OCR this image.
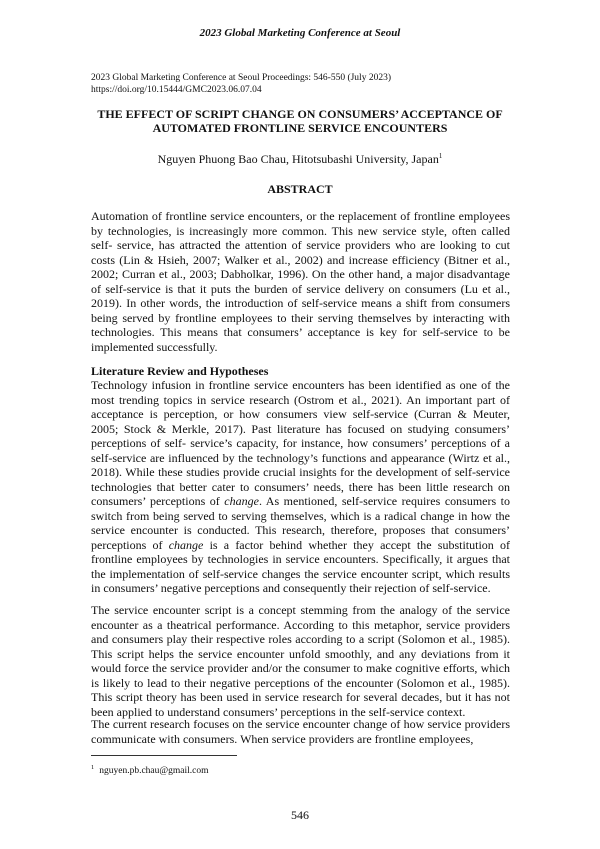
2023 Global Marketing Conference at Seoul
2023 Global Marketing Conference at Seoul Proceedings: 546-550 (July 2023)
https://doi.org/10.15444/GMC2023.06.07.04
THE EFFECT OF SCRIPT CHANGE ON CONSUMERS’ ACCEPTANCE OF AUTOMATED FRONTLINE SERVICE ENCOUNTERS
Nguyen Phuong Bao Chau, Hitotsubashi University, Japan$^1$
ABSTRACT

Automation of frontline service encounters, or the replacement of frontline employees by technologies, is increasingly more common. This new service style, often called self- service, has attracted the attention of service providers who are looking to cut costs (Lin & Hsieh, 2007; Walker et al., 2002) and increase efficiency (Bitner et al., 2002; Curran et al., 2003; Dabholkar, 1996). On the other hand, a major disadvantage of self-service is that it puts the burden of service delivery on consumers (Lu et al., 2019). In other words, the introduction of self-service means a shift from consumers being served by frontline employees to their serving themselves by interacting with technologies. This means that consumers’ acceptance is key for self-service to be implemented successfully.

Literature Review and Hypotheses

Technology infusion in frontline service encounters has been identified as one of the most trending topics in service research (Ostrom et al., 2021). An important part of acceptance is perception, or how consumers view self-service (Curran & Meuter, 2005; Stock & Merkle, 2017). Past literature has focused on studying consumers’ perceptions of self- service’s capacity, for instance, how consumers’ perceptions of a self-service are influenced by the technology’s functions and appearance (Wirtz et al., 2018). While these studies provide crucial insights for the development of self-service technologies that better cater to consumers’ needs, there has been little research on consumers’ perceptions of change. As mentioned, self-service requires consumers to switch from being served to serving themselves, which is a radical change in how the service encounter is conducted. This research, therefore, proposes that consumers’ perceptions of change is a factor behind whether they accept the substitution of frontline employees by technologies in service encounters. Specifically, it argues that the implementation of self-service changes the service encounter script, which results in consumers’ negative perceptions and consequently their rejection of self-service.

The service encounter script is a concept stemming from the analogy of the service encounter as a theatrical performance. According to this metaphor, service providers and consumers play their respective roles according to a script (Solomon et al., 1985). This script helps the service encounter unfold smoothly, and any deviations from it would force the service provider and/or the consumer to make cognitive efforts, which is likely to lead to their negative perceptions of the encounter (Solomon et al., 1985). This script theory has been used in service research for several decades, but it has not been applied to understand consumers’ perceptions in the self-service context.

The current research focuses on the service encounter change of how service providers communicate with consumers. When service providers are frontline employees,

$^1$ nguyen.pb.chau@gmail.com
546
